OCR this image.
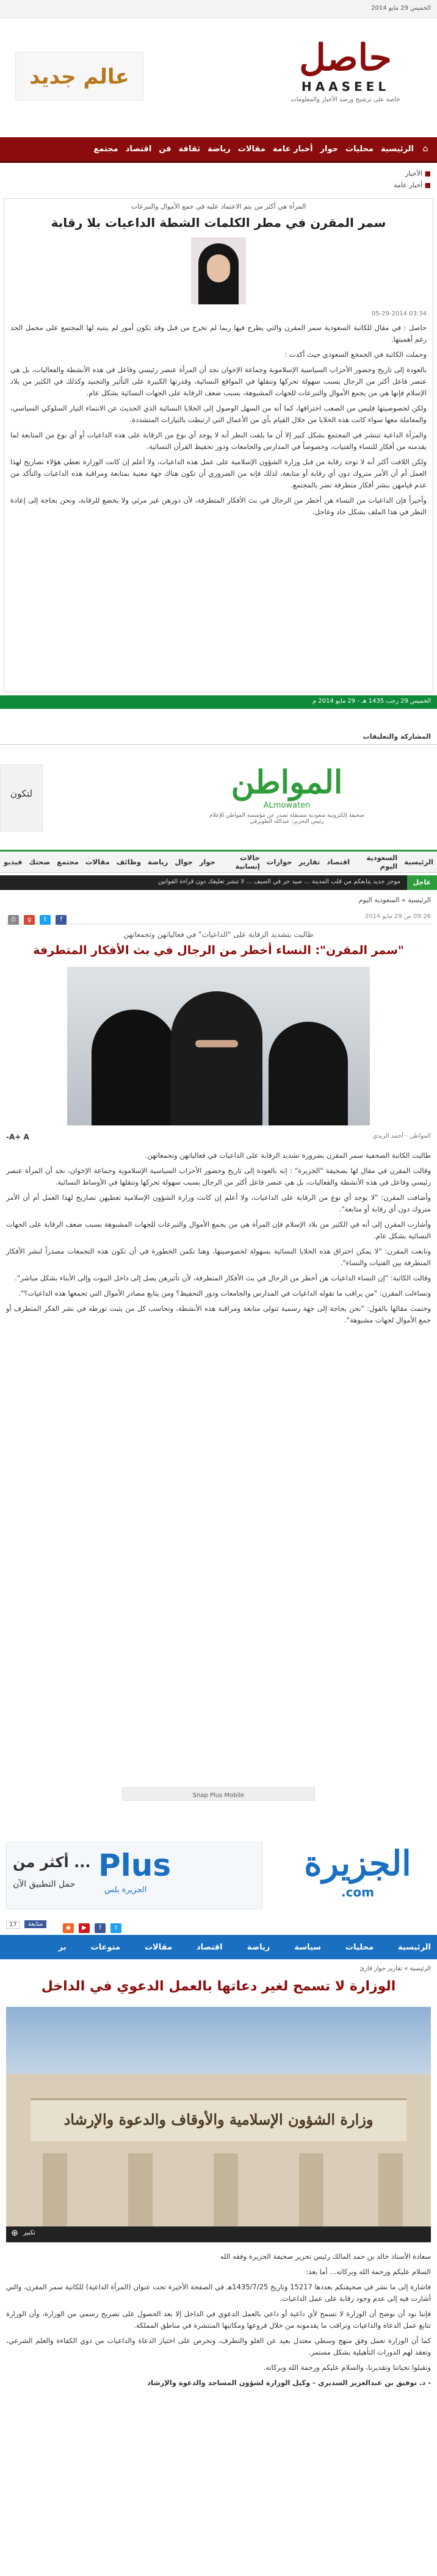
الخميس 29 مايو 2014
حاصل
HAASEEL
خاصة على ترشيح ورصد الأخبار والمعلومات
عالم جديد
⌂
الرئيسية
محليات
حوار
أخبار عامة
مقالات
رياضة
ثقافة
فن
اقتصاد
مجتمع
■ الأخبار
■ أخبار عامة
المرأة هي أكثر من يتم الاعتماد عليه في جمع الأموال والتبرعات
سمر المقرن في مطر الكلمات الشطة الداعيات بلا رقابة
03:34 05-29-2014

حاصل : في مقال للكاتبة السعودية سمر المقرن والتي يطرح فيها ربما لم تخرج من قبل وقد تكون أمور لم ينتبه لها المجتمع على محمل الجد رغم أهميتها.

وحملت الكاتبة في الجمجع السعودي حيث أكدت :

بالعودة إلى تاريخ وحضور الأحزاب السياسية الإسلاموية وجماعة الإخوان نجد أن المرأة عنصر رئيسي وفاعل في هذه الأنشطة والفعاليات، بل هي عنصر فاعل أكثر من الرجال بسبب سهولة تحركها وتنقلها في المواقع النسائية، وقدرتها الكبيرة على التأثير والتجنيد وكذلك في الكثير من بلاد الإسلام فإنها هي من يجمع الأموال والتبرعات للجهات المشبوهة، بسبب ضعف الرقابة على الجهات النسائية بشكل عام.

ولكن لخصوصيتها فليس من الصعب اختراقها، كما أنه من السهل الوصول إلى الخلايا النسائية الذي الحديث عن الانتماء التيار السلوكي السياسي، والمعاملة معها سواء كانت هذه الخلايا من خلال القيام بأي من الأعمال التي ارتبطت بالتيارات المتشددة.

والمرأة الداعية تنتشر في المجتمع بشكل كبير إلا أن ما يلفت النظر أنه لا يوجد أي نوع من الرقابة على هذه الداعيات أو أي نوع من المتابعة لما يقدمنه من أفكار للنساء والفتيات، وخصوصاً في المدارس والجامعات ودور تحفيظ القرآن النسائية.

ولكن اللافت أكثر أنه لا توجد رقابة من قبل وزارة الشؤون الإسلامية على عمل هذه الداعيات، ولا أعلم إن كانت الوزارة تعطي هؤلاء تصاريح لهذا العمل أم أن الأمر متروك دون أي رقابة أو متابعة، لذلك فإنه من الضروري أن تكون هناك جهة معنية بمتابعة ومراقبة هذه الداعيات والتأكد من عدم قيامهن بنشر أفكار متطرفة تضر بالمجتمع.

وأخيراً فإن الداعيات من النساء هن أخطر من الرجال في بث الأفكار المتطرفة، لأن دورهن غير مرئي ولا يخضع للرقابة، ونحن بحاجة إلى إعادة النظر في هذا الملف بشكل جاد وعاجل.

الخميس 29 رجب 1435 هـ - 29 مايو 2014 م
المشاركة والتعليقات
المواطن
ALmowaten
صحيفة إلكترونية سعودية مستقلة تصدر عن مؤسسة المواطن للإعلام
رئيس التحرير: عبدالله الطويرقي
لتكون
الرئيسية
السعودية اليوم
اقتصاد
تقارير
حوارات
حالات إنسانية
حوار
جوال
رياضة
وظائف
مقالات
مجتمع
صحتك
فيديو
عاجل
موجز جديد يتابعكم من قلب المدينة ... صيد حر في الصيف ... لا تنشر تعليقك دون قراءة القوانين
الرئيسية » السعودية اليوم
09:26 ص 29 مايو 2014
f t g ⎙
طالبت بتشديد الرقابة على "الداعيات" في فعالياتهن وتجمعاتهن
"سمر المقرن": النساء أخطر من الرجال في بث الأفكار المتطرفة
A+ A-	المواطن - أحمد الزيدي

طالبت الكاتبة الصحفية سمر المقرن بضرورة تشديد الرقابة على الداعيات في فعالياتهن وتجمعاتهن.

وقالت المقرن في مقال لها بصحيفة "الجزيرة" : إنه بالعودة إلى تاريخ وحضور الأحزاب السياسية الإسلاموية وجماعة الإخوان، نجد أن المرأة عنصر رئيسي وفاعل في هذه الأنشطة والفعاليات، بل هي عنصر فاعل أكثر من الرجال بسبب سهولة تحركها وتنقلها في الأوساط النسائية.

وأضافت المقرن: "لا يوجد أي نوع من الرقابة على الداعيات، ولا أعلم إن كانت وزارة الشؤون الإسلامية تعطيهن تصاريح لهذا العمل أم أن الأمر متروك دون أي رقابة أو متابعة".

وأشارت المقرن إلى أنه في الكثير من بلاد الإسلام فإن المرأة هي من يجمع الأموال والتبرعات للجهات المشبوهة بسبب ضعف الرقابة على الجهات النسائية بشكل عام.

وتابعت المقرن: "لا يمكن اختراق هذه الخلايا النسائية بسهولة لخصوصيتها، وهنا تكمن الخطورة في أن تكون هذه التجمعات مصدراً لنشر الأفكار المتطرفة بين الفتيات والنساء".

وقالت الكاتبة: "إن النساء الداعيات هن أخطر من الرجال في بث الأفكار المتطرفة، لأن تأثيرهن يصل إلى داخل البيوت وإلى الأبناء بشكل مباشر".

وتساءلت المقرن: "من يراقب ما تقوله الداعيات في المدارس والجامعات ودور التحفيظ؟ ومن يتابع مصادر الأموال التي تجمعها هذه الداعيات؟".

وختمت مقالها بالقول: "نحن بحاجة إلى جهة رسمية تتولى متابعة ومراقبة هذه الأنشطة، وتحاسب كل من يثبت تورطه في نشر الفكر المتطرف أو جمع الأموال لجهات مشبوهة".

Snap Plus Mobile
الجزيرة
.com
Plus
الجزيرة بلس
... أكثر من
حمل التطبيق الآن
17	متابعة
t f ▶ ◉
الرئيسية
محليات
سياسة
رياضة
اقتصاد
مقالات
متوعات
بر
الرئيسية » تقارير حوار قارئ
الوزارة لا تسمح لغير دعاتها بالعمل الدعوي في الداخل
وزارة الشؤون الإسلامية والأوقاف والدعوة والإرشاد
⊕ تكبير

سعادة الأستاذ خالد بن حمد المالك رئيس تحرير صحيفة الجزيرة وفقه الله

السلام عليكم ورحمة الله وبركاته... أما بعد:

فاشارة إلى ما نشر في صحيفتكم بعددها 15217 وتاريخ 1435/7/25هـ في الصفحة الأخيرة تحت عنوان (المرأة الداعية) للكاتبة سمر المقرن، والتي أشارت فيه إلى عدم وجود رقابة على عمل الداعيات.

فإننا نود أن نوضح أن الوزارة لا تسمح لأي داعية أو داعي بالعمل الدعوي في الداخل إلا بعد الحصول على تصريح رسمي من الوزارة، وأن الوزارة تتابع عمل الدعاة والداعيات وتراقب ما يقدمونه من خلال فروعها ومكاتبها المنتشرة في مناطق المملكة.

كما أن الوزارة تعمل وفق منهج وسطي معتدل بعيد عن الغلو والتطرف، وتحرص على اختيار الدعاة والداعيات من ذوي الكفاءة والعلم الشرعي، وتعقد لهم الدورات التأهيلية بشكل مستمر.

وتقبلوا تحياتنا وتقديرنا، والسلام عليكم ورحمة الله وبركاته.

- د. توفيق بن عبدالعزيز السديري - وكيل الوزارة لشؤون المساجد والدعوة والإرشاد
